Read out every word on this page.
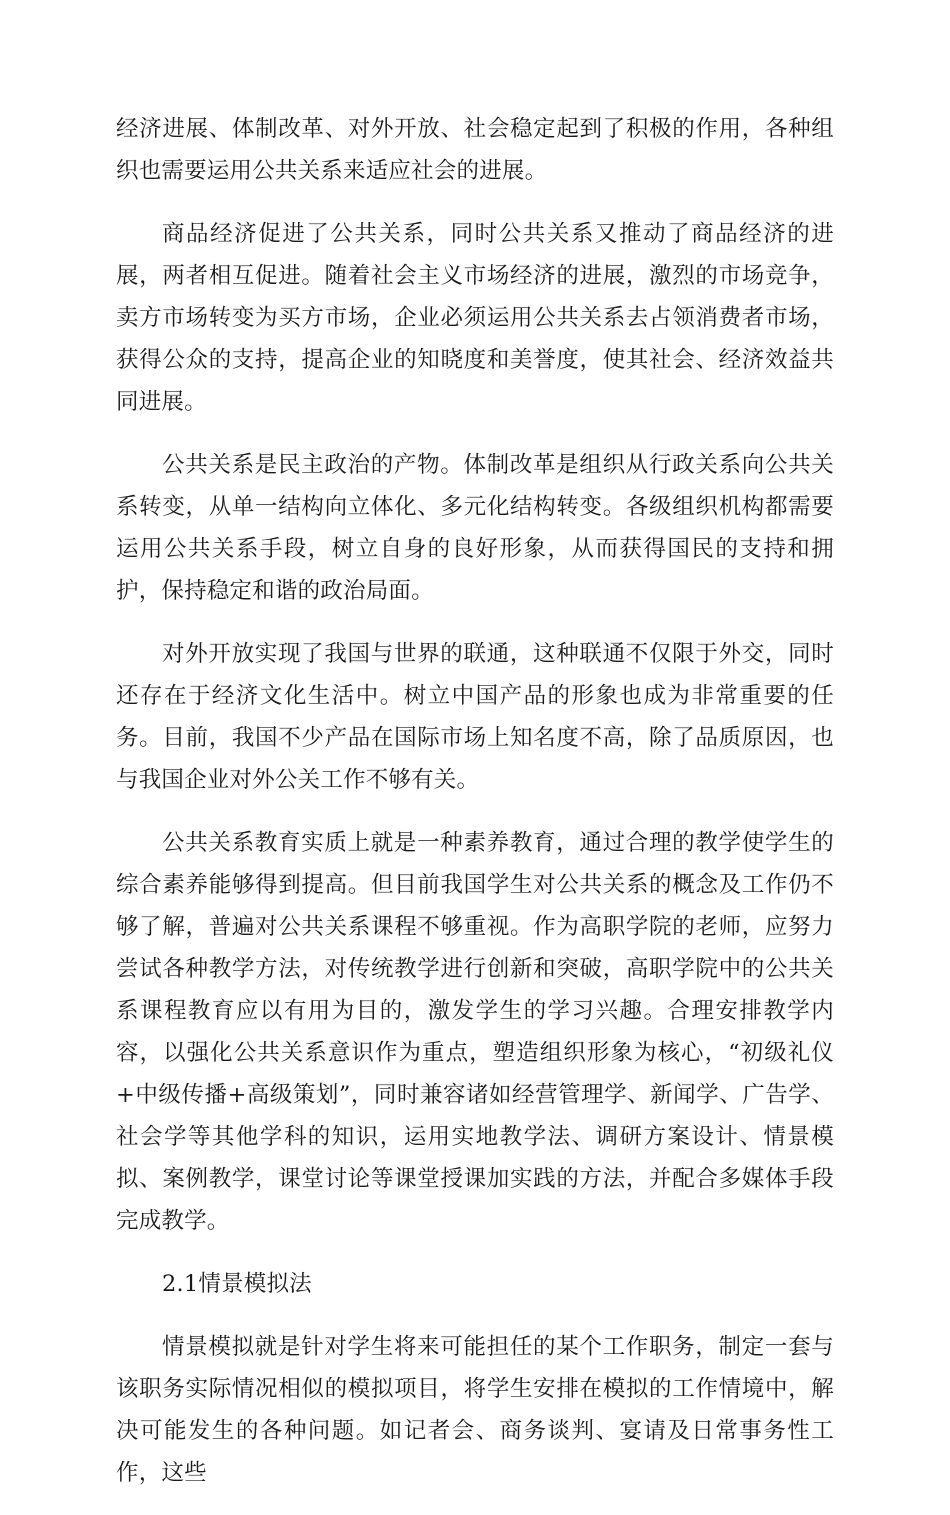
经济进展、体制改革、对外开放、社会稳定起到了积极的作用，各种组织也需要运用公共关系来适应社会的进展。

商品经济促进了公共关系，同时公共关系又推动了商品经济的进展，两者相互促进。随着社会主义市场经济的进展，激烈的市场竞争，卖方市场转变为买方市场，企业必须运用公共关系去占领消费者市场，获得公众的支持，提高企业的知晓度和美誉度，使其社会、经济效益共同进展。

公共关系是民主政治的产物。体制改革是组织从行政关系向公共关系转变，从单一结构向立体化、多元化结构转变。各级组织机构都需要运用公共关系手段，树立自身的良好形象，从而获得国民的支持和拥护，保持稳定和谐的政治局面。

对外开放实现了我国与世界的联通，这种联通不仅限于外交，同时还存在于经济文化生活中。树立中国产品的形象也成为非常重要的任务。目前，我国不少产品在国际市场上知名度不高，除了品质原因，也与我国企业对外公关工作不够有关。

公共关系教育实质上就是一种素养教育，通过合理的教学使学生的综合素养能够得到提高。但目前我国学生对公共关系的概念及工作仍不够了解，普遍对公共关系课程不够重视。作为高职学院的老师，应努力尝试各种教学方法，对传统教学进行创新和突破，高职学院中的公共关系课程教育应以有用为目的，激发学生的学习兴趣。合理安排教学内容，以强化公共关系意识作为重点，塑造组织形象为核心，“初级礼仪+中级传播+高级策划”，同时兼容诸如经营管理学、新闻学、广告学、社会学等其他学科的知识，运用实地教学法、调研方案设计、情景模拟、案例教学，课堂讨论等课堂授课加实践的方法，并配合多媒体手段完成教学。

2.1情景模拟法

情景模拟就是针对学生将来可能担任的某个工作职务，制定一套与该职务实际情况相似的模拟项目，将学生安排在模拟的工作情境中，解决可能发生的各种问题。如记者会、商务谈判、宴请及日常事务性工作，这些
